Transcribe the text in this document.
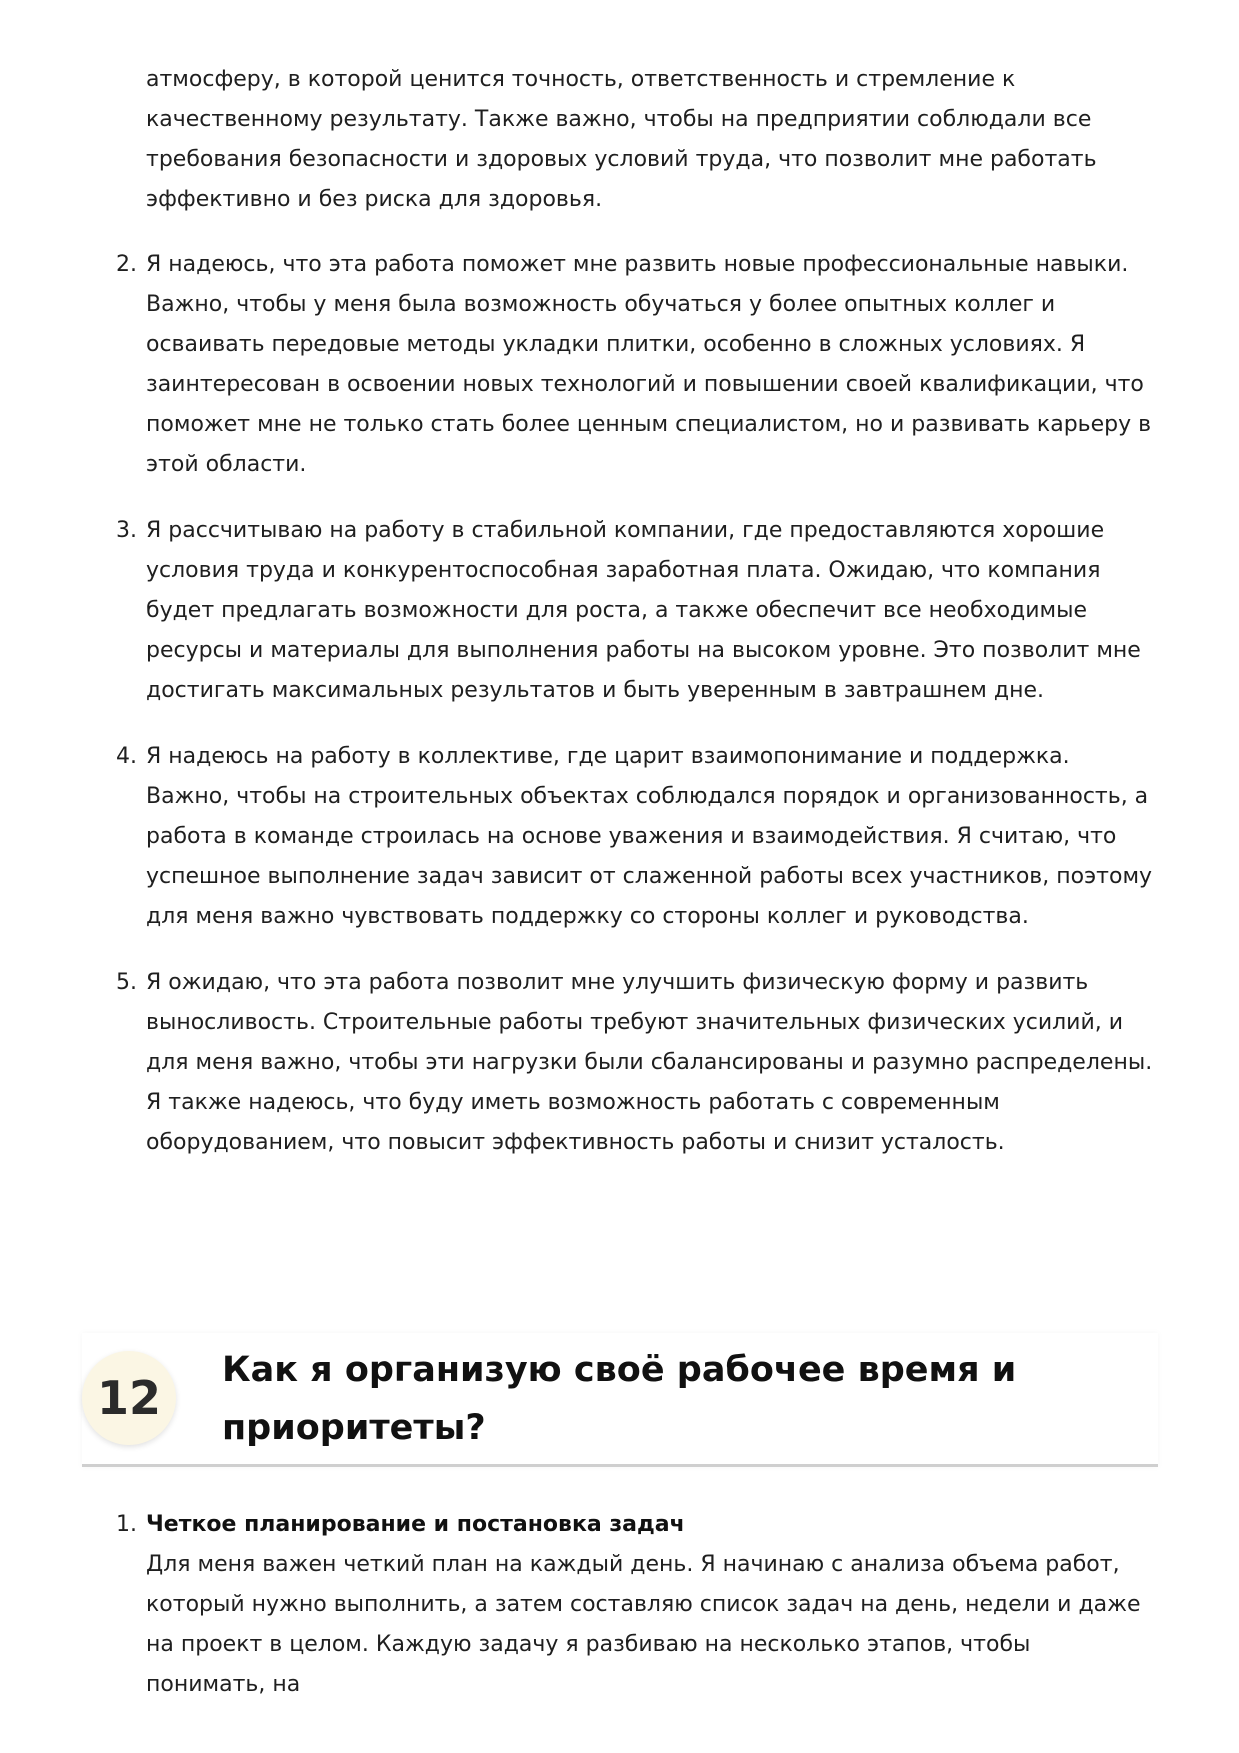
атмосферу, в которой ценится точность, ответственность и стремление к качественному результату. Также важно, чтобы на предприятии соблюдали все требования безопасности и здоровых условий труда, что позволит мне работать эффективно и без риска для здоровья.

2. Я надеюсь, что эта работа поможет мне развить новые профессиональные навыки. Важно, чтобы у меня была возможность обучаться у более опытных коллег и осваивать передовые методы укладки плитки, особенно в сложных условиях. Я заинтересован в освоении новых технологий и повышении своей квалификации, что поможет мне не только стать более ценным специалистом, но и развивать карьеру в этой области.
3. Я рассчитываю на работу в стабильной компании, где предоставляются хорошие условия труда и конкурентоспособная заработная плата. Ожидаю, что компания будет предлагать возможности для роста, а также обеспечит все необходимые ресурсы и материалы для выполнения работы на высоком уровне. Это позволит мне достигать максимальных результатов и быть уверенным в завтрашнем дне.
4. Я надеюсь на работу в коллективе, где царит взаимопонимание и поддержка. Важно, чтобы на строительных объектах соблюдался порядок и организованность, а работа в команде строилась на основе уважения и взаимодействия. Я считаю, что успешное выполнение задач зависит от слаженной работы всех участников, поэтому для меня важно чувствовать поддержку со стороны коллег и руководства.
5. Я ожидаю, что эта работа позволит мне улучшить физическую форму и развить выносливость. Строительные работы требуют значительных физических усилий, и для меня важно, чтобы эти нагрузки были сбалансированы и разумно распределены. Я также надеюсь, что буду иметь возможность работать с современным оборудованием, что повысит эффективность работы и снизит усталость.
12
Как я организую своё рабочее время и приоритеты?
1. Четкое планирование и постановка задач
Для меня важен четкий план на каждый день. Я начинаю с анализа объема работ, который нужно выполнить, а затем составляю список задач на день, недели и даже на проект в целом. Каждую задачу я разбиваю на несколько этапов, чтобы понимать, на
